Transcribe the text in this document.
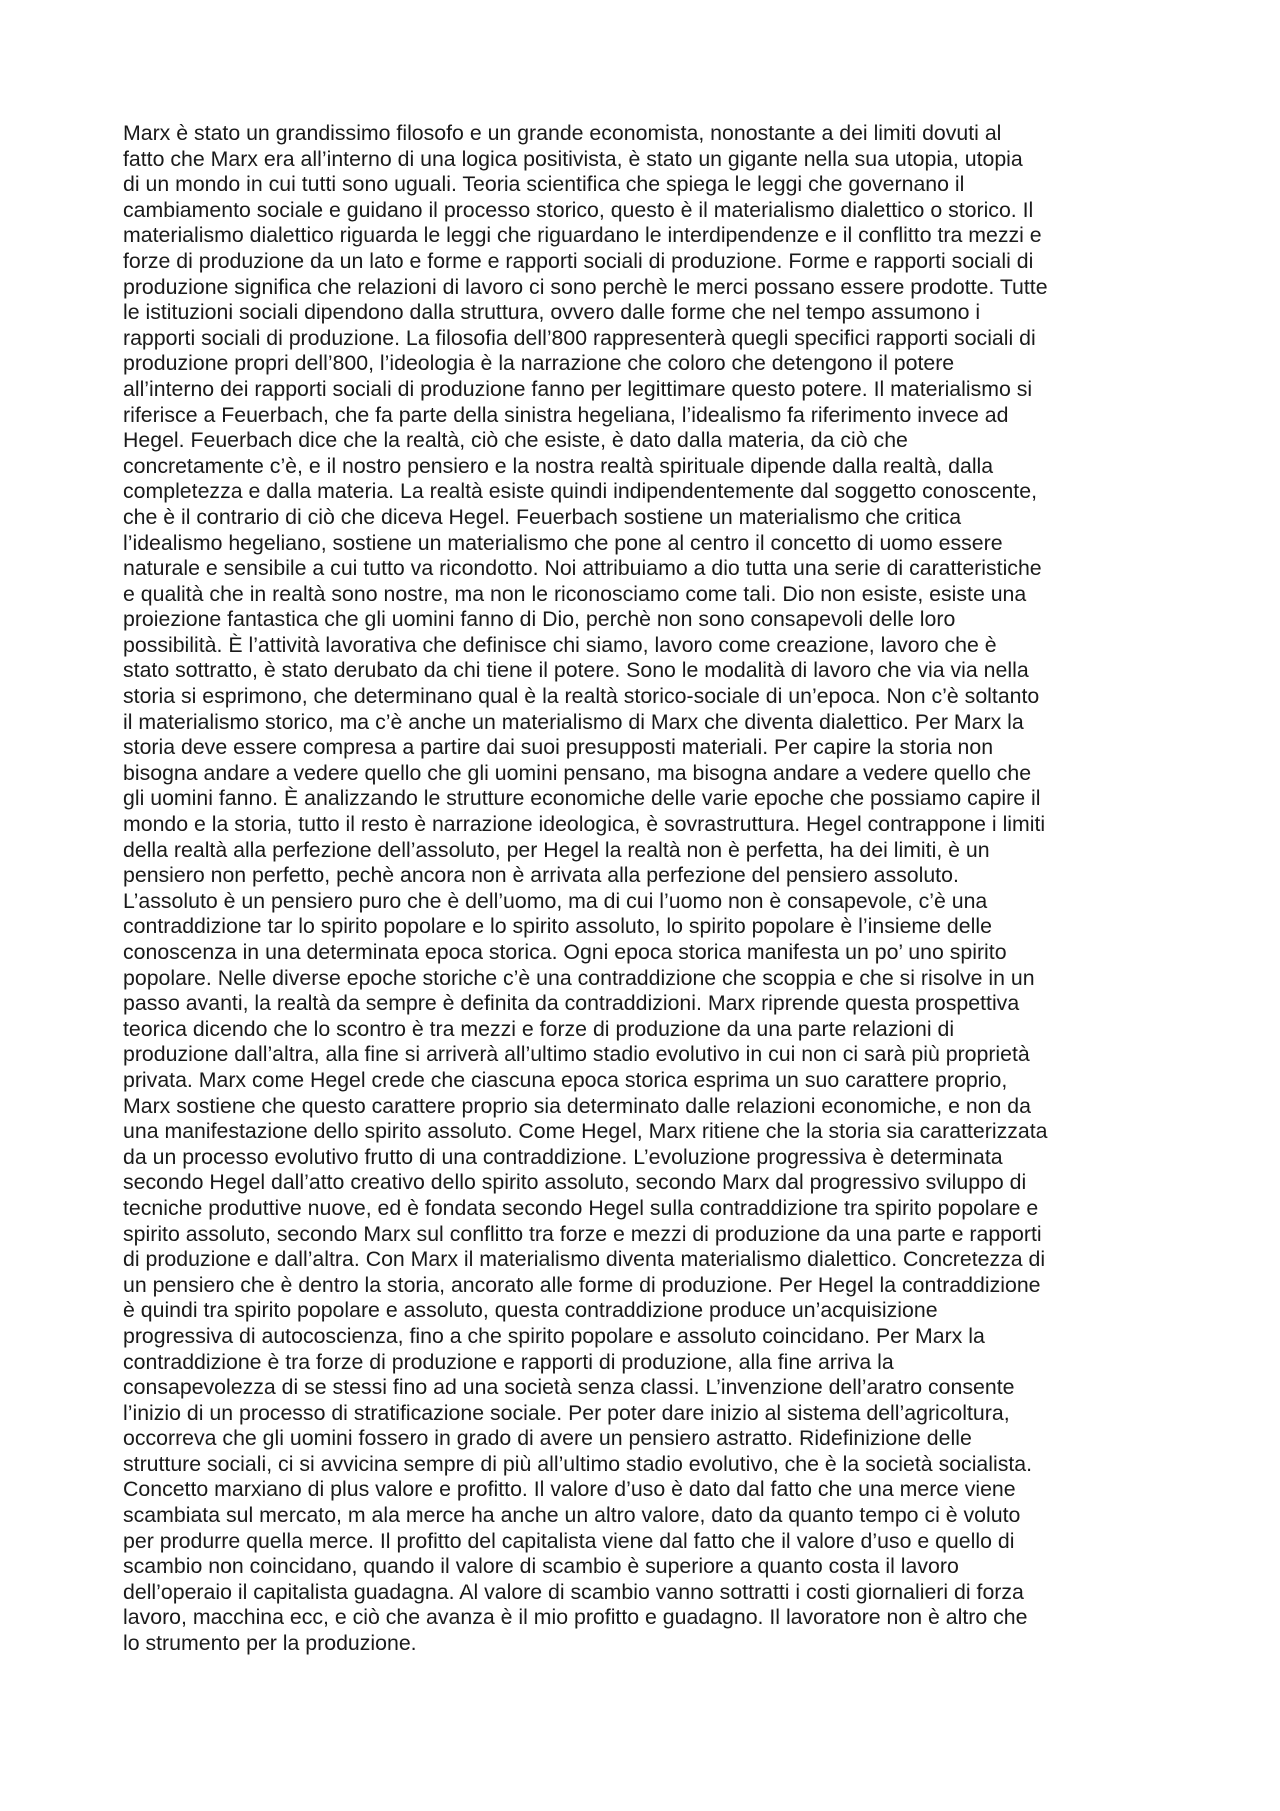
Marx è stato un grandissimo filosofo e un grande economista, nonostante a dei limiti dovuti al
fatto che Marx era all’interno di una logica positivista, è stato un gigante nella sua utopia, utopia
di un mondo in cui tutti sono uguali. Teoria scientifica che spiega le leggi che governano il
cambiamento sociale e guidano il processo storico, questo è il materialismo dialettico o storico. Il
materialismo dialettico riguarda le leggi che riguardano le interdipendenze e il conflitto tra mezzi e
forze di produzione da un lato e forme e rapporti sociali di produzione. Forme e rapporti sociali di
produzione significa che relazioni di lavoro ci sono perchè le merci possano essere prodotte. Tutte
le istituzioni sociali dipendono dalla struttura, ovvero dalle forme che nel tempo assumono i
rapporti sociali di produzione. La filosofia dell’800 rappresenterà quegli specifici rapporti sociali di
produzione propri dell’800, l’ideologia è la narrazione che coloro che detengono il potere
all’interno dei rapporti sociali di produzione fanno per legittimare questo potere. Il materialismo si
riferisce a Feuerbach, che fa parte della sinistra hegeliana, l’idealismo fa riferimento invece ad
Hegel. Feuerbach dice che la realtà, ciò che esiste, è dato dalla materia, da ciò che
concretamente c’è, e il nostro pensiero e la nostra realtà spirituale dipende dalla realtà, dalla
completezza e dalla materia. La realtà esiste quindi indipendentemente dal soggetto conoscente,
che è il contrario di ciò che diceva Hegel. Feuerbach sostiene un materialismo che critica
l’idealismo hegeliano, sostiene un materialismo che pone al centro il concetto di uomo essere
naturale e sensibile a cui tutto va ricondotto. Noi attribuiamo a dio tutta una serie di caratteristiche
e qualità che in realtà sono nostre, ma non le riconosciamo come tali. Dio non esiste, esiste una
proiezione fantastica che gli uomini fanno di Dio, perchè non sono consapevoli delle loro
possibilità. È l’attività lavorativa che definisce chi siamo, lavoro come creazione, lavoro che è
stato sottratto, è stato derubato da chi tiene il potere. Sono le modalità di lavoro che via via nella
storia si esprimono, che determinano qual è la realtà storico-sociale di un’epoca. Non c’è soltanto
il materialismo storico, ma c’è anche un materialismo di Marx che diventa dialettico. Per Marx la
storia deve essere compresa a partire dai suoi presupposti materiali. Per capire la storia non
bisogna andare a vedere quello che gli uomini pensano, ma bisogna andare a vedere quello che
gli uomini fanno. È analizzando le strutture economiche delle varie epoche che possiamo capire il
mondo e la storia, tutto il resto è narrazione ideologica, è sovrastruttura. Hegel contrappone i limiti
della realtà alla perfezione dell’assoluto, per Hegel la realtà non è perfetta, ha dei limiti, è un
pensiero non perfetto, pechè ancora non è arrivata alla perfezione del pensiero assoluto.
L’assoluto è un pensiero puro che è dell’uomo, ma di cui l’uomo non è consapevole, c’è una
contraddizione tar lo spirito popolare e lo spirito assoluto, lo spirito popolare è l’insieme delle
conoscenza in una determinata epoca storica. Ogni epoca storica manifesta un po’ uno spirito
popolare. Nelle diverse epoche storiche c’è una contraddizione che scoppia e che si risolve in un
passo avanti, la realtà da sempre è definita da contraddizioni. Marx riprende questa prospettiva
teorica dicendo che lo scontro è tra mezzi e forze di produzione da una parte relazioni di
produzione dall’altra, alla fine si arriverà all’ultimo stadio evolutivo in cui non ci sarà più proprietà
privata. Marx come Hegel crede che ciascuna epoca storica esprima un suo carattere proprio,
Marx sostiene che questo carattere proprio sia determinato dalle relazioni economiche, e non da
una manifestazione dello spirito assoluto. Come Hegel, Marx ritiene che la storia sia caratterizzata
da un processo evolutivo frutto di una contraddizione. L’evoluzione progressiva è determinata
secondo Hegel dall’atto creativo dello spirito assoluto, secondo Marx dal progressivo sviluppo di
tecniche produttive nuove, ed è fondata secondo Hegel sulla contraddizione tra spirito popolare e
spirito assoluto, secondo Marx sul conflitto tra forze e mezzi di produzione da una parte e rapporti
di produzione e dall’altra. Con Marx il materialismo diventa materialismo dialettico. Concretezza di
un pensiero che è dentro la storia, ancorato alle forme di produzione. Per Hegel la contraddizione
è quindi tra spirito popolare e assoluto, questa contraddizione produce un’acquisizione
progressiva di autocoscienza, fino a che spirito popolare e assoluto coincidano. Per Marx la
contraddizione è tra forze di produzione e rapporti di produzione, alla fine arriva la
consapevolezza di se stessi fino ad una società senza classi. L’invenzione dell’aratro consente
l’inizio di un processo di stratificazione sociale. Per poter dare inizio al sistema dell’agricoltura,
occorreva che gli uomini fossero in grado di avere un pensiero astratto. Ridefinizione delle
strutture sociali, ci si avvicina sempre di più all’ultimo stadio evolutivo, che è la società socialista.
Concetto marxiano di plus valore e profitto. Il valore d’uso è dato dal fatto che una merce viene
scambiata sul mercato, m ala merce ha anche un altro valore, dato da quanto tempo ci è voluto
per produrre quella merce. Il profitto del capitalista viene dal fatto che il valore d’uso e quello di
scambio non coincidano, quando il valore di scambio è superiore a quanto costa il lavoro
dell’operaio il capitalista guadagna. Al valore di scambio vanno sottratti i costi giornalieri di forza
lavoro, macchina ecc, e ciò che avanza è il mio profitto e guadagno. Il lavoratore non è altro che
lo strumento per la produzione.
